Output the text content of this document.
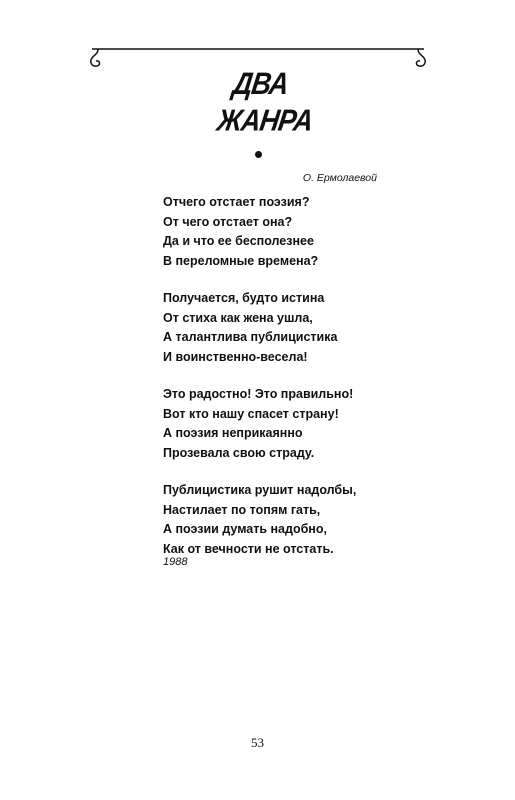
ДВА
ЖАНРА
О. Ермолаевой
Отчего отстает поэзия?
От чего отстает она?
Да и что ее бесполезнее
В переломные времена?
Получается, будто истина
От стиха как жена ушла,
А талантлива публицистика
И воинственно-весела!
Это радостно! Это правильно!
Вот кто нашу спасет страну!
А поэзия неприкаянно
Прозевала свою страду.
Публицистика рушит надолбы,
Настилает по топям гать,
А поэзии думать надобно,
Как от вечности не отстать.
1988
53
